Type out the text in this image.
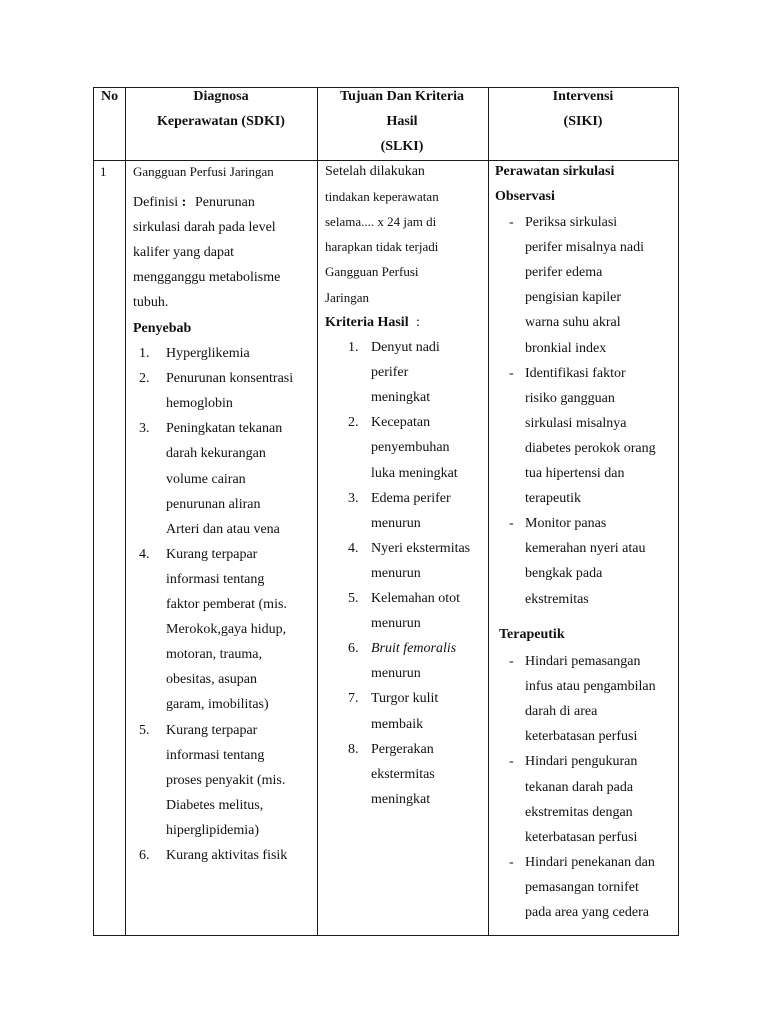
No	Diagnosa
Keperawatan (SDKI)
Tujuan Dan Kriteria
Hasil
(SLKI)
Intervensi
(SIKI)
1 Gangguan Perfusi Jaringan
Definisi : Penurunan
sirkulasi darah pada level
kalifer yang dapat
mengganggu metabolisme
tubuh.
Penyebab
1. Hyperglikemia
2. Penurunan konsentrasi
hemoglobin
3. Peningkatan tekanan
darah kekurangan
volume cairan
penurunan aliran
Arteri dan atau vena
4. Kurang terpapar
informasi tentang
faktor pemberat (mis.
Merokok,gaya hidup,
motoran, trauma,
obesitas, asupan
garam, imobilitas)
5. Kurang terpapar
informasi tentang
proses penyakit (mis.
Diabetes melitus,
hiperglipidemia)
6. Kurang aktivitas fisik
Setelah dilakukan
tindakan keperawatan
selama.... x 24 jam di
harapkan tidak terjadi
Gangguan Perfusi
Jaringan
Kriteria Hasil :
1. Denyut nadi
perifer
meningkat
2. Kecepatan
penyembuhan
luka meningkat
3. Edema perifer
menurun
4. Nyeri ekstermitas
menurun
5. Kelemahan otot
menurun
6. Bruit femoralis
menurun
7. Turgor kulit
membaik
8. Pergerakan
ekstermitas
meningkat
Perawatan sirkulasi
Observasi
- Periksa sirkulasi
perifer misalnya nadi
perifer edema
pengisian kapiler
warna suhu akral
bronkial index
- Identifikasi faktor
risiko gangguan
sirkulasi misalnya
diabetes perokok orang
tua hipertensi dan
terapeutik
- Monitor panas
kemerahan nyeri atau
bengkak pada
ekstremitas
Terapeutik
- Hindari pemasangan
infus atau pengambilan
darah di area
keterbatasan perfusi
- Hindari pengukuran
tekanan darah pada
ekstremitas dengan
keterbatasan perfusi
- Hindari penekanan dan
pemasangan tornifet
pada area yang cedera
